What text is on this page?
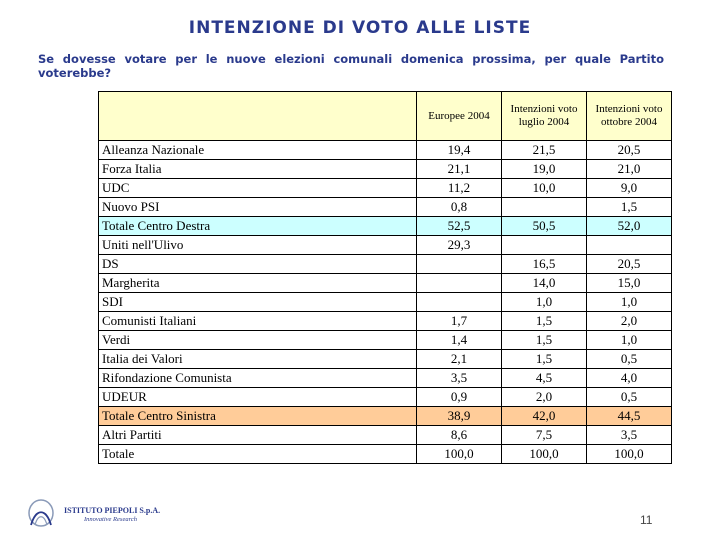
INTENZIONE DI VOTO ALLE LISTE
Se dovesse votare per le nuove elezioni comunali domenica prossima, per quale Partito voterebbe?
	Europee 2004	Intenzioni voto luglio 2004	Intenzioni voto ottobre 2004
Alleanza Nazionale	19,4	21,5	20,5
Forza Italia	21,1	19,0	21,0
UDC	11,2	10,0	9,0
Nuovo PSI	0,8		1,5
Totale Centro Destra	52,5	50,5	52,0
Uniti nell'Ulivo	29,3		
DS		16,5	20,5
Margherita		14,0	15,0
SDI		1,0	1,0
Comunisti Italiani	1,7	1,5	2,0
Verdi	1,4	1,5	1,0
Italia dei Valori	2,1	1,5	0,5
Rifondazione Comunista	3,5	4,5	4,0
UDEUR	0,9	2,0	0,5
Totale Centro Sinistra	38,9	42,0	44,5
Altri Partiti	8,6	7,5	3,5
Totale	100,0	100,0	100,0
ISTITUTO PIEPOLI S.p.A.
Innovative Research	11
